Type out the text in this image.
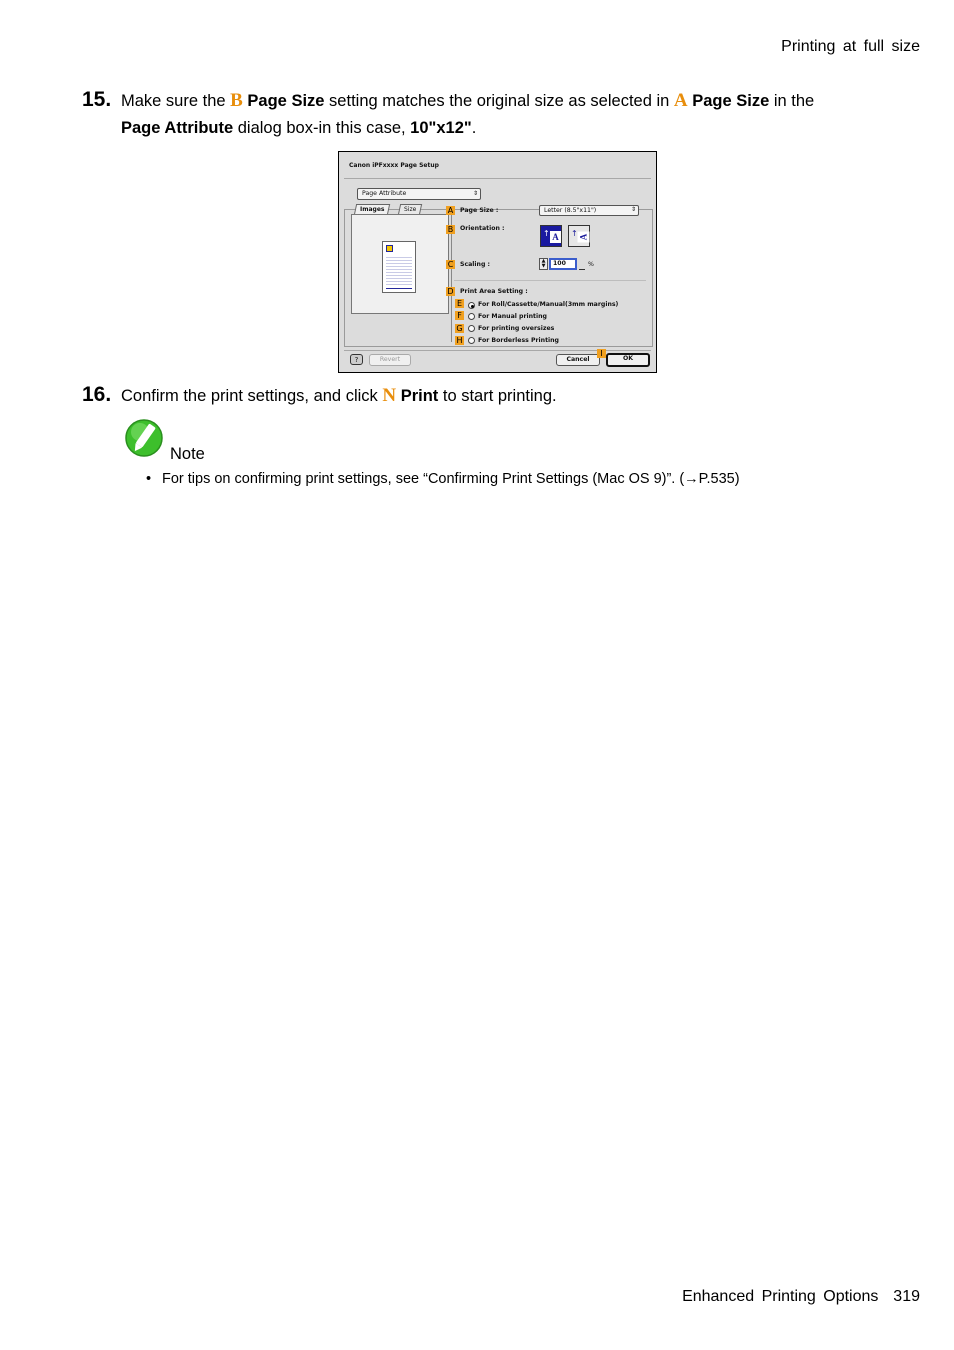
Printing at full size
15. Make sure the B Page Size setting matches the original size as selected in A Page Size in the
Page Attribute dialog box-in this case, 10"x12".
Canon iPFxxxx Page Setup
Page Attribute	⇕
Images	Size	A Page Size :	Letter (8.5"x11")	⇕
B Orientation :
↑ A ↑ A
C Scaling :	▲
▼	100	%
D Print Area Setting :
E	For Roll/Cassette/Manual(3mm margins)
F	For Manual printing
G For printing oversizes
H	For Borderless Printing
?	Revert	Cancel
I
OK
16. Confirm the print settings, and click N Print to start printing.
Note
• For tips on confirming print settings, see “Confirming Print Settings (Mac OS 9)”. (→P.535)
Enhanced Printing Options 319
